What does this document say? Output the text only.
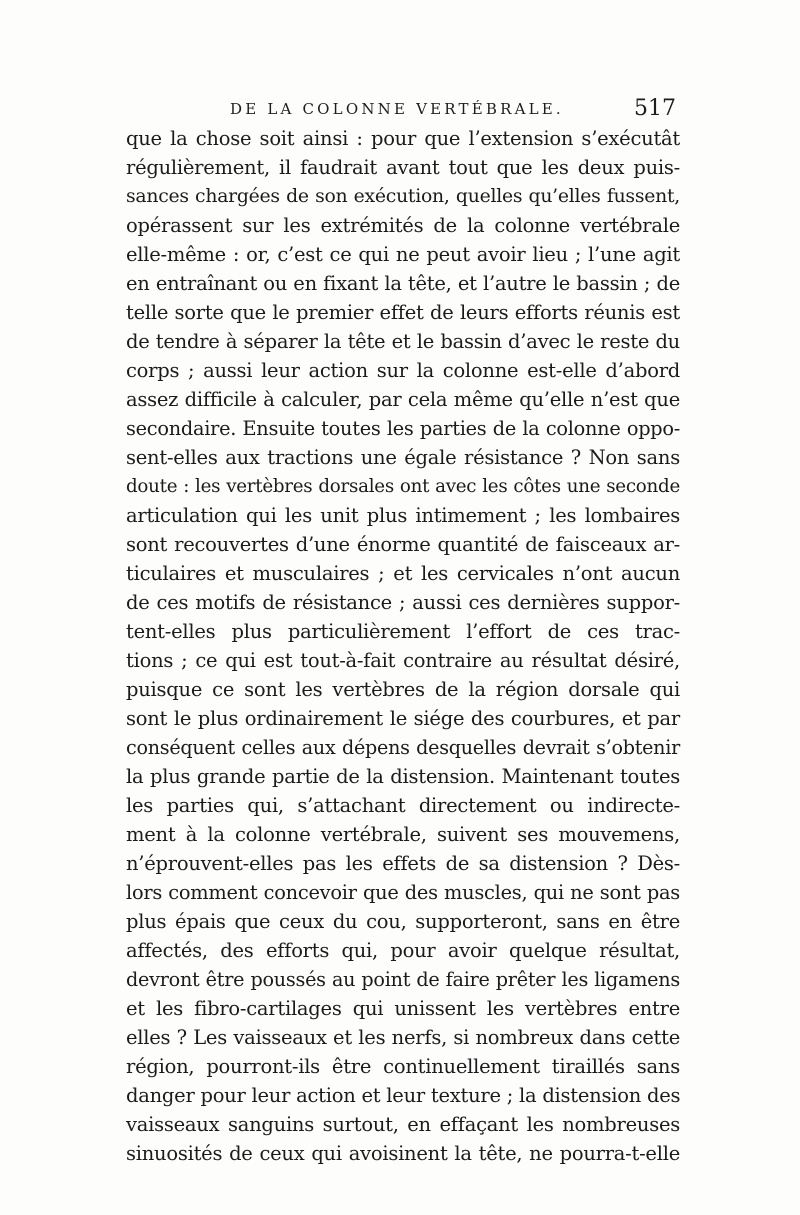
DE LA COLONNE VERTÉBRALE.	517
que la chose soit ainsi : pour que l’extension s’exécutât
régulièrement, il faudrait avant tout que les deux puis-
sances chargées de son exécution, quelles qu’elles fussent,
opérassent sur les extrémités de la colonne vertébrale
elle-même : or, c’est ce qui ne peut avoir lieu ; l’une agit
en entraînant ou en fixant la tête, et l’autre le bassin ; de
telle sorte que le premier effet de leurs efforts réunis est
de tendre à séparer la tête et le bassin d’avec le reste du
corps ; aussi leur action sur la colonne est-elle d’abord
assez difficile à calculer, par cela même qu’elle n’est que
secondaire. Ensuite toutes les parties de la colonne oppo-
sent-elles aux tractions une égale résistance ? Non sans
doute : les vertèbres dorsales ont avec les côtes une seconde
articulation qui les unit plus intimement ; les lombaires
sont recouvertes d’une énorme quantité de faisceaux ar-
ticulaires et musculaires ; et les cervicales n’ont aucun
de ces motifs de résistance ; aussi ces dernières suppor-
tent-elles plus particulièrement l’effort de ces trac-
tions ; ce qui est tout-à-fait contraire au résultat désiré,
puisque ce sont les vertèbres de la région dorsale qui
sont le plus ordinairement le siége des courbures, et par
conséquent celles aux dépens desquelles devrait s’obtenir
la plus grande partie de la distension. Maintenant toutes
les parties qui, s’attachant directement ou indirecte-
ment à la colonne vertébrale, suivent ses mouvemens,
n’éprouvent-elles pas les effets de sa distension ? Dès-
lors comment concevoir que des muscles, qui ne sont pas
plus épais que ceux du cou, supporteront, sans en être
affectés, des efforts qui, pour avoir quelque résultat,
devront être poussés au point de faire prêter les ligamens
et les fibro-cartilages qui unissent les vertèbres entre
elles ? Les vaisseaux et les nerfs, si nombreux dans cette
région, pourront-ils être continuellement tiraillés sans
danger pour leur action et leur texture ; la distension des
vaisseaux sanguins surtout, en effaçant les nombreuses
sinuosités de ceux qui avoisinent la tête, ne pourra-t-elle
